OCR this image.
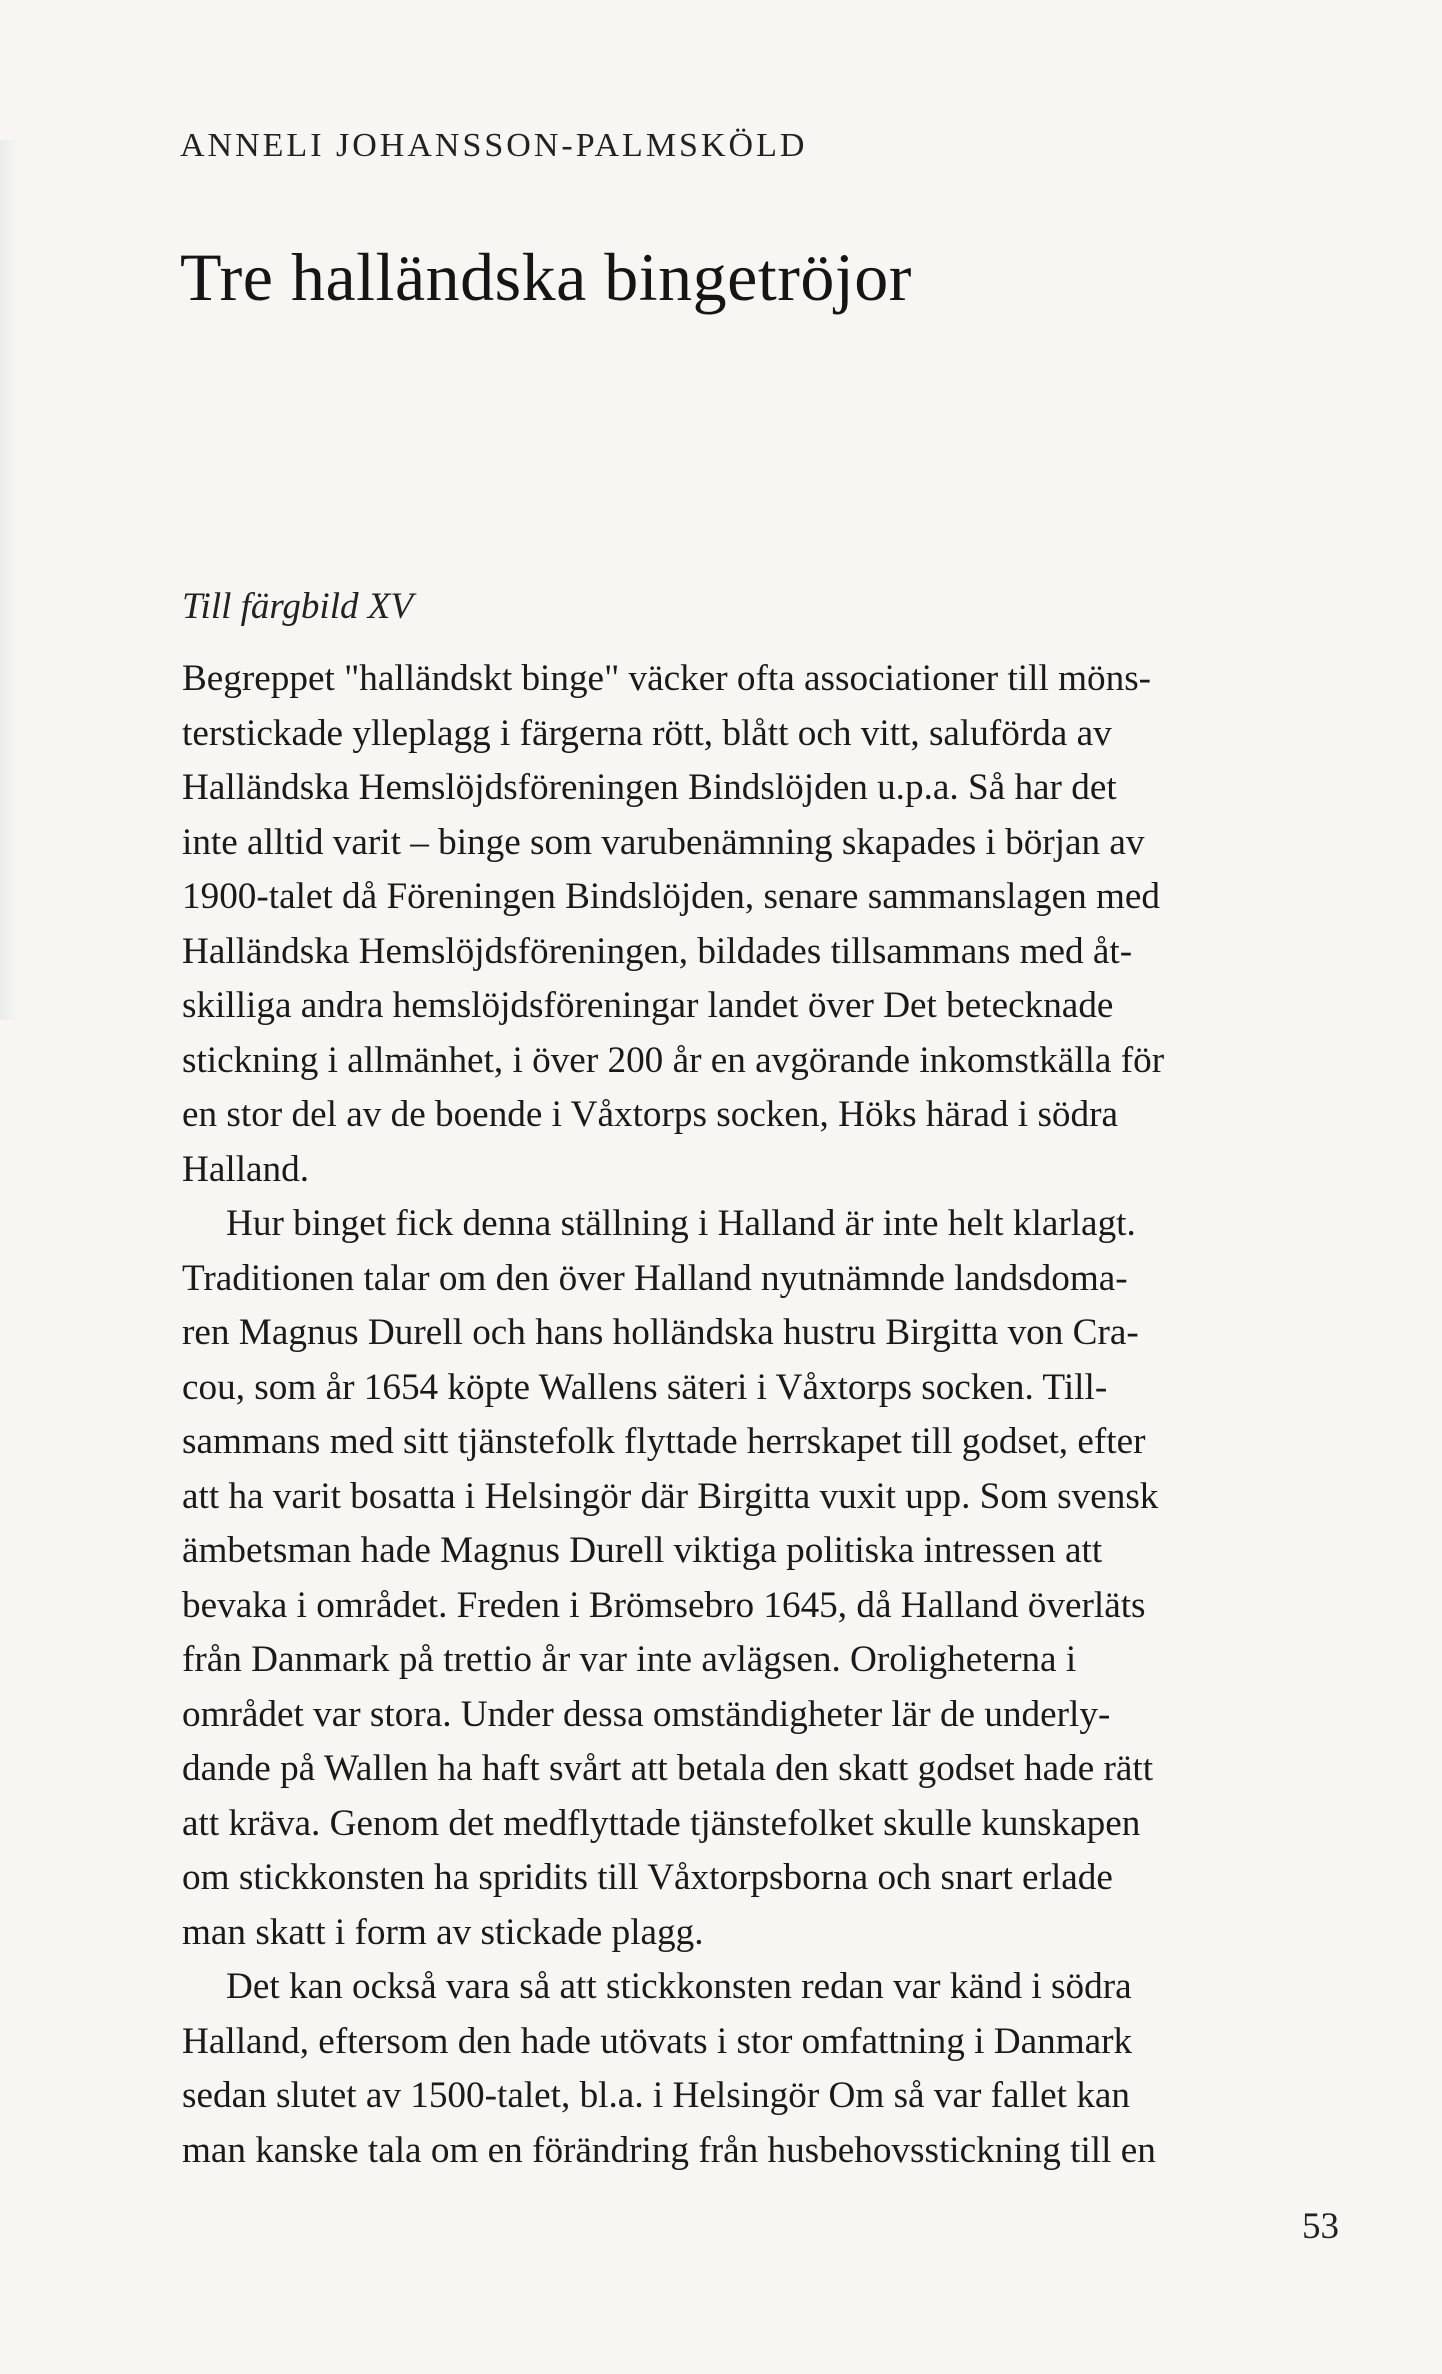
ANNELI JOHANSSON-PALMSKÖLD
Tre halländska bingetröjor
Till färgbild XV
Begreppet "halländskt binge" väcker ofta associationer till möns-
terstickade ylleplagg i färgerna rött, blått och vitt, saluförda av
Halländska Hemslöjdsföreningen Bindslöjden u.p.a. Så har det
inte alltid varit – binge som varubenämning skapades i början av
1900-talet då Föreningen Bindslöjden, senare sammanslagen med
Halländska Hemslöjdsföreningen, bildades tillsammans med åt-
skilliga andra hemslöjdsföreningar landet över Det betecknade
stickning i allmänhet, i över 200 år en avgörande inkomstkälla för
en stor del av de boende i Våxtorps socken, Höks härad i södra
Halland.
Hur binget fick denna ställning i Halland är inte helt klarlagt.
Traditionen talar om den över Halland nyutnämnde landsdoma-
ren Magnus Durell och hans holländska hustru Birgitta von Cra-
cou, som år 1654 köpte Wallens säteri i Våxtorps socken. Till-
sammans med sitt tjänstefolk flyttade herrskapet till godset, efter
att ha varit bosatta i Helsingör där Birgitta vuxit upp. Som svensk
ämbetsman hade Magnus Durell viktiga politiska intressen att
bevaka i området. Freden i Brömsebro 1645, då Halland överläts
från Danmark på trettio år var inte avlägsen. Oroligheterna i
området var stora. Under dessa omständigheter lär de underly-
dande på Wallen ha haft svårt att betala den skatt godset hade rätt
att kräva. Genom det medflyttade tjänstefolket skulle kunskapen
om stickkonsten ha spridits till Våxtorpsborna och snart erlade
man skatt i form av stickade plagg.
Det kan också vara så att stickkonsten redan var känd i södra
Halland, eftersom den hade utövats i stor omfattning i Danmark
sedan slutet av 1500-talet, bl.a. i Helsingör Om så var fallet kan
man kanske tala om en förändring från husbehovsstickning till en
53
